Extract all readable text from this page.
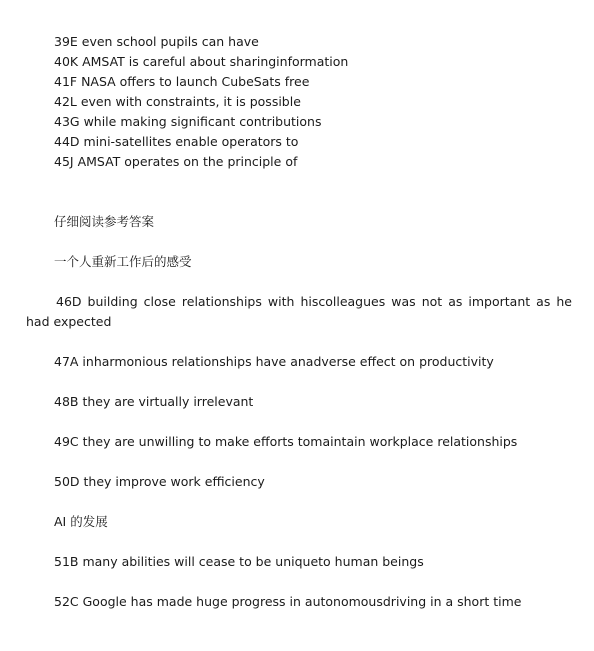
39E even school pupils can have
40K AMSAT is careful about sharinginformation
41F NASA offers to launch CubeSats free
42L even with constraints, it is possible
43G while making significant contributions
44D mini-satellites enable operators to
45J AMSAT operates on the principle of
仔细阅读参考答案
一个人重新工作后的感受
46D building close relationships with hiscolleagues was not as important as he had expected
47A inharmonious relationships have anadverse effect on productivity
48B they are virtually irrelevant
49C they are unwilling to make efforts tomaintain workplace relationships
50D they improve work efficiency
AI 的发展
51B many abilities will cease to be uniqueto human beings
52C Google has made huge progress in autonomousdriving in a short time
